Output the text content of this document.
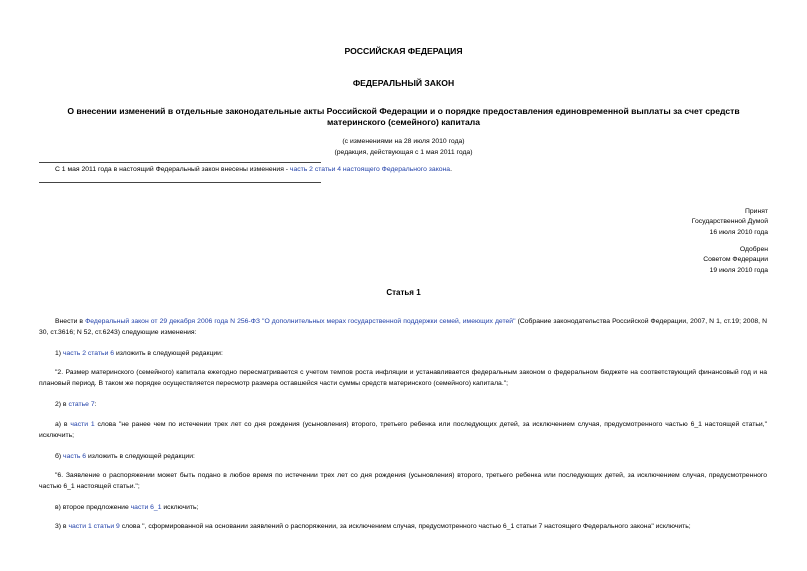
РОССИЙСКАЯ ФЕДЕРАЦИЯ
ФЕДЕРАЛЬНЫЙ ЗАКОН
О внесении изменений в отдельные законодательные акты Российской Федерации и о порядке предоставления единовременной выплаты за счет средств материнского (семейного) капитала
(с изменениями на 28 июля 2010 года)
(редакция, действующая с 1 мая 2011 года)
С 1 мая 2011 года в настоящий Федеральный закон внесены изменения - часть 2 статьи 4 настоящего Федерального закона.
Принят
Государственной Думой
16 июля 2010 года
Одобрен
Советом Федерации
19 июля 2010 года
Статья 1
Внести в Федеральный закон от 29 декабря 2006 года N 256-ФЗ "О дополнительных мерах государственной поддержки семей, имеющих детей" (Собрание законодательства Российской Федерации, 2007, N 1, ст.19; 2008, N 30, ст.3616; N 52, ст.6243) следующие изменения:
1) часть 2 статьи 6 изложить в следующей редакции:
"2. Размер материнского (семейного) капитала ежегодно пересматривается с учетом темпов роста инфляции и устанавливается федеральным законом о федеральном бюджете на соответствующий финансовый год и на плановый период. В таком же порядке осуществляется пересмотр размера оставшейся части суммы средств материнского (семейного) капитала.";
2) в статье 7:
а) в части 1 слова "не ранее чем по истечении трех лет со дня рождения (усыновления) второго, третьего ребенка или последующих детей, за исключением случая, предусмотренного частью 6_1 настоящей статьи," исключить;
б) часть 6 изложить в следующей редакции:
"6. Заявление о распоряжении может быть подано в любое время по истечении трех лет со дня рождения (усыновления) второго, третьего ребенка или последующих детей, за исключением случая, предусмотренного частью 6_1 настоящей статьи.";
в) второе предложение части 6_1 исключить;
3) в части 1 статьи 9 слова ", сформированной на основании заявлений о распоряжении, за исключением случая, предусмотренного частью 6_1 статьи 7 настоящего Федерального закона" исключить;
